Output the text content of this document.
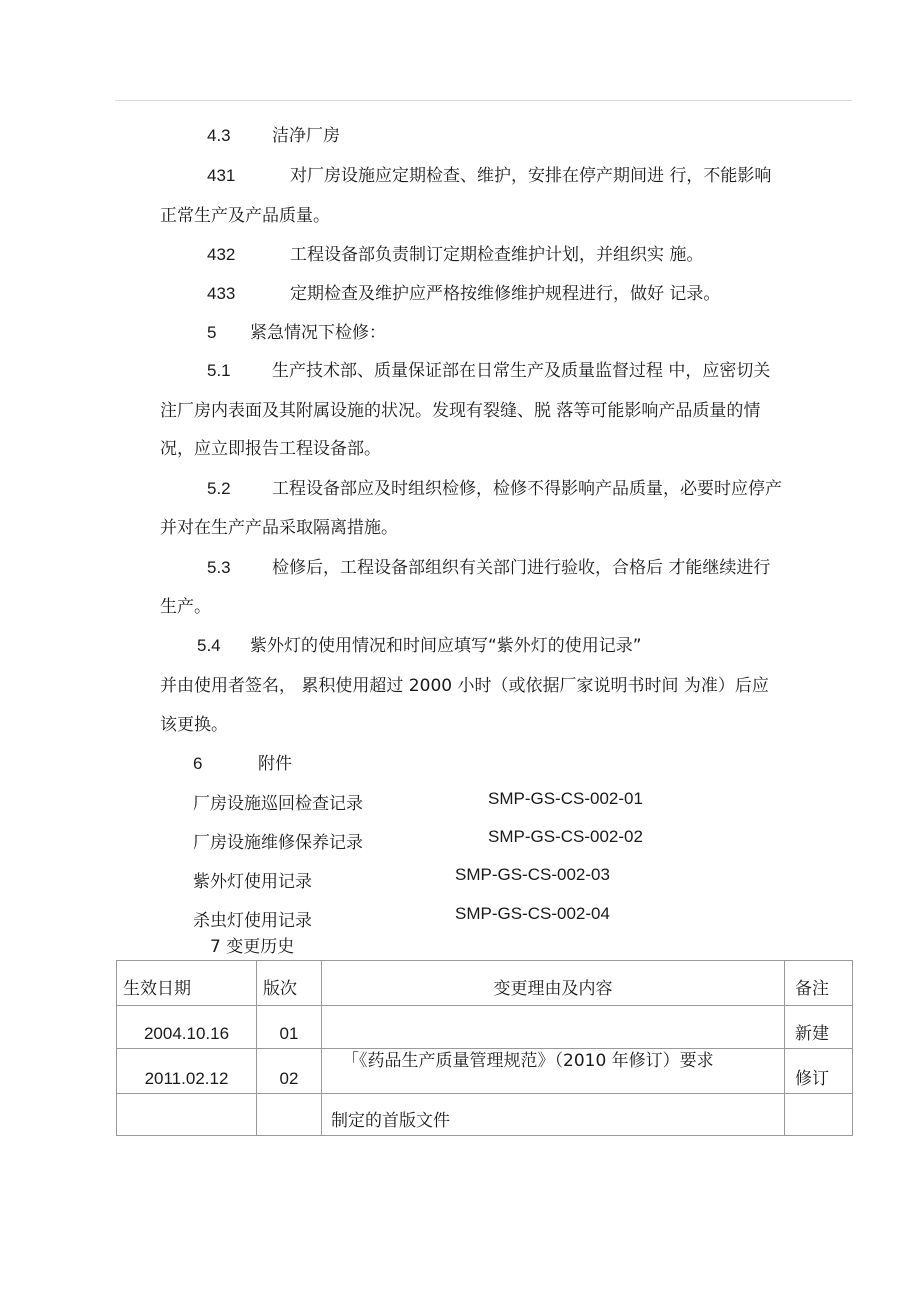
4.3 洁净厂房
431	对厂房设施应定期检查、维护，安排在停产期间进 行，不能影响
正常生产及产品质量。
432	工程设备部负责制订定期检查维护计划，并组织实 施。
433	定期检查及维护应严格按维修维护规程进行，做好 记录。
5 紧急情况下检修：
5.1 生产技术部、质量保证部在日常生产及质量监督过程 中，应密切关
注厂房内表面及其附属设施的状况。发现有裂缝、脱 落等可能影响产品质量的情
况，应立即报告工程设备部。
5.2 工程设备部应及时组织检修，检修不得影响产品质量，必要时应停产
并对在生产产品采取隔离措施。
5.3 检修后，工程设备部组织有关部门进行验收，合格后 才能继续进行
生产。
5.4 紫外灯的使用情况和时间应填写“紫外灯的使用记录”
并由使用者签名， 累积使用超过 2000 小时（或依据厂家说明书时间 为准）后应
该更换。
6	附件
厂房设施巡回检查记录	SMP-GS-CS-002-01
厂房设施维修保养记录	SMP-GS-CS-002-02
紫外灯使用记录	SMP-GS-CS-002-03
杀虫灯使用记录	SMP-GS-CS-002-04
7 变更历史
生效日期	版次	变更理由及内容	备注
2004.10.16	01		新建
2011.02.12	02	「《药品生产质量管理规范》（2010 年修订）要求	修订
		制定的首版文件	
